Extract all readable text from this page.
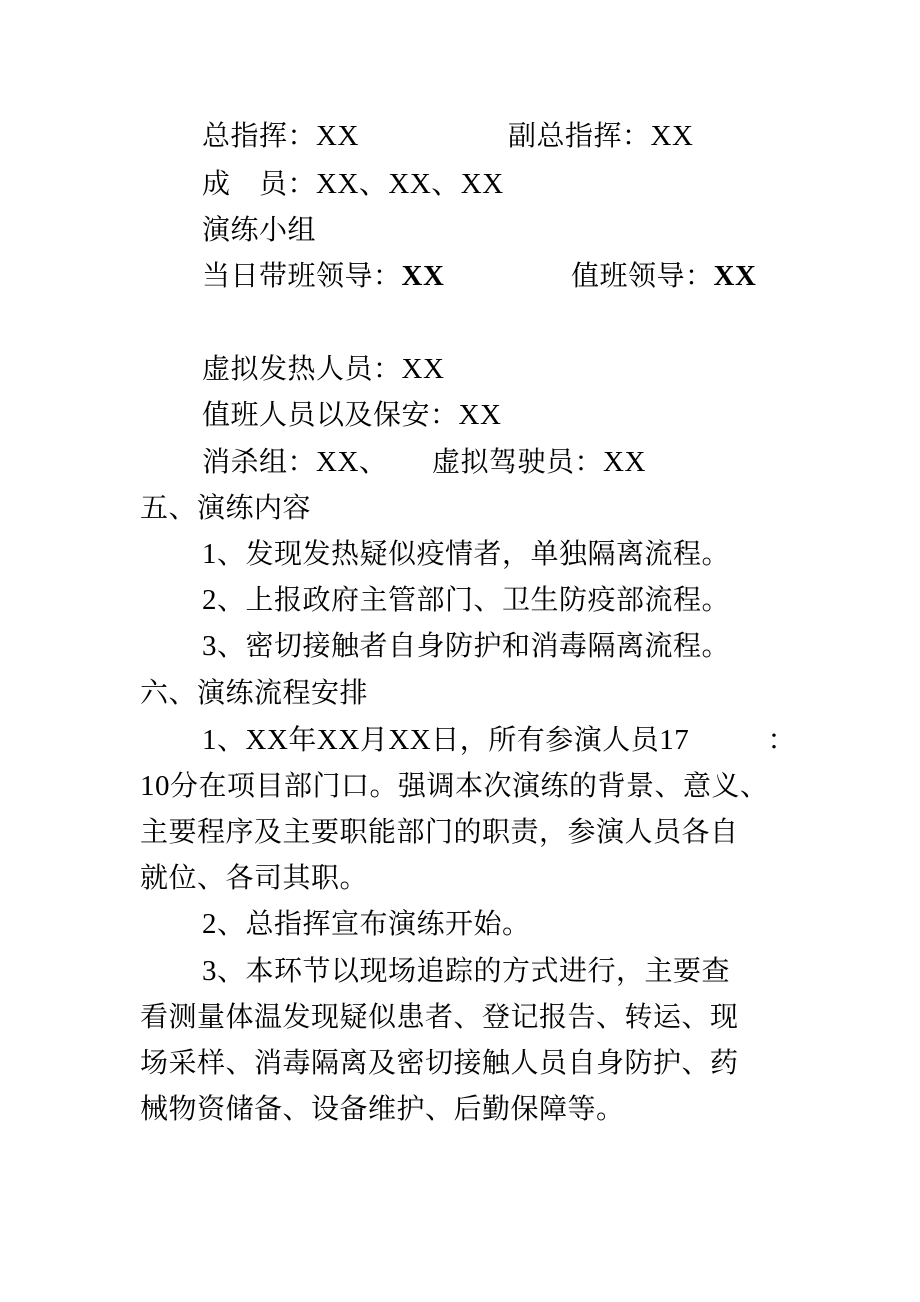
总指挥：XX	副总指挥：XX
成　员：XX、XX、XX
演练小组
当日带班领导：XX	值班领导：XX
虚拟发热人员：XX
值班人员以及保安：XX
消杀组：XX、 虚拟驾驶员：XX
五、演练内容
1、发现发热疑似疫情者，单独隔离流程。
2、上报政府主管部门、卫生防疫部流程。
3、密切接触者自身防护和消毒隔离流程。
六、演练流程安排
1、XX年XX月XX日，所有参演人员17	：
10分在项目部门口。强调本次演练的背景、意义、
主要程序及主要职能部门的职责，参演人员各自
就位、各司其职。
2、总指挥宣布演练开始。
3、本环节以现场追踪的方式进行，主要查
看测量体温发现疑似患者、登记报告、转运、现
场采样、消毒隔离及密切接触人员自身防护、药
械物资储备、设备维护、后勤保障等。
